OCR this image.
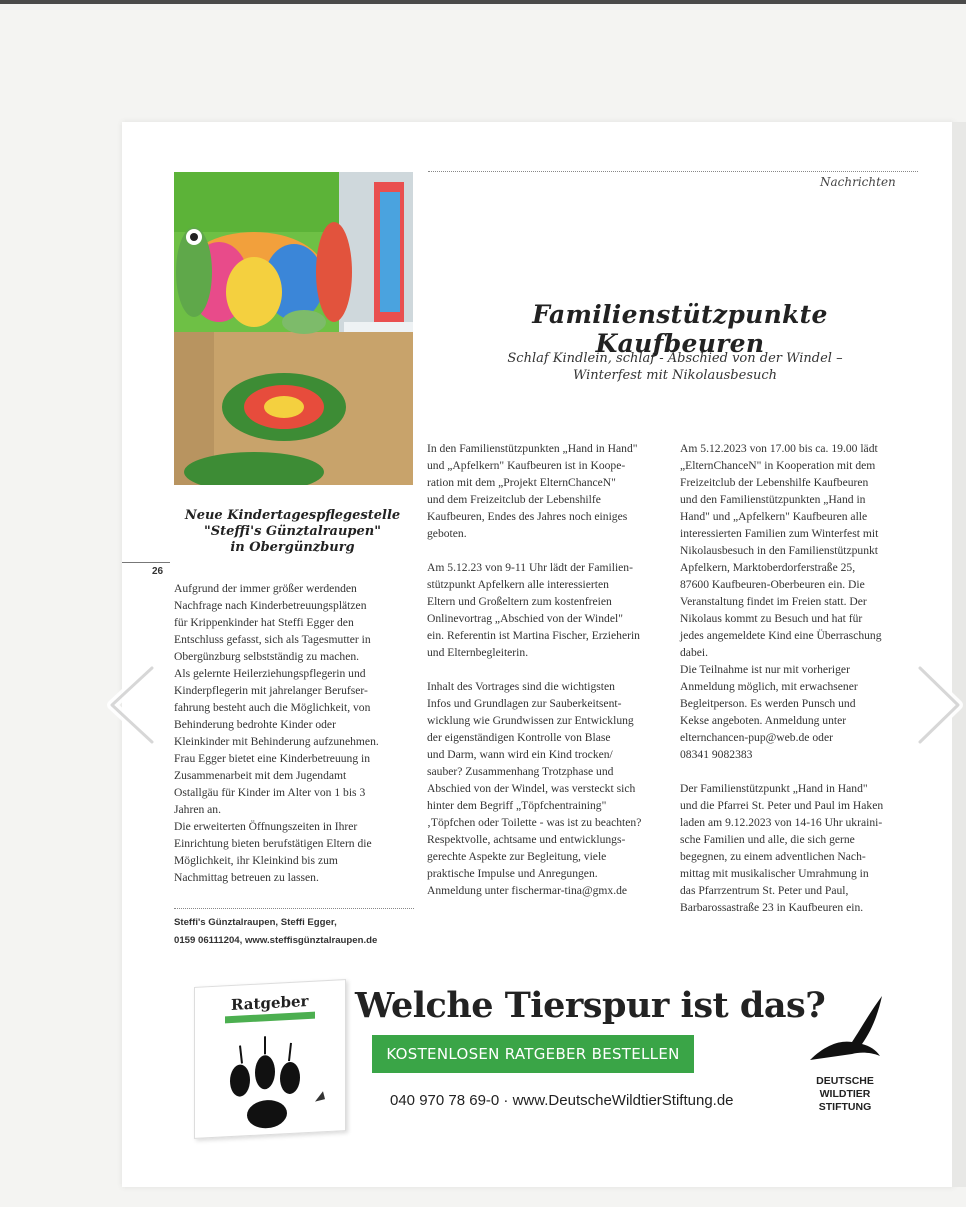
Neue Kindertagespflegestelle
"Steffi's Günztalraupen"
in Obergünzburg
26
Nachrichten
Familienstützpunkte Kaufbeuren
Schlaf Kindlein, schlaf - Abschied von der Windel –
Winterfest mit Nikolausbesuch

Aufgrund der immer größer werdenden
Nachfrage nach Kinderbetreuungsplätzen
für Krippenkinder hat Steffi Egger den
Entschluss gefasst, sich als Tagesmutter in
Obergünzburg selbstständig zu machen.
Als gelernte Heilerziehungspflegerin und
Kinderpflegerin mit jahrelanger Berufser-
fahrung besteht auch die Möglichkeit, von
Behinderung bedrohte Kinder oder
Kleinkinder mit Behinderung aufzunehmen.
Frau Egger bietet eine Kinderbetreuung in
Zusammenarbeit mit dem Jugendamt
Ostallgäu für Kinder im Alter von 1 bis 3
Jahren an.
Die erweiterten Öffnungszeiten in Ihrer
Einrichtung bieten berufstätigen Eltern die
Möglichkeit, ihr Kleinkind bis zum
Nachmittag betreuen zu lassen.

Steffi's Günztalraupen, Steffi Egger,
0159 06111204, www.steffisgünztalraupen.de

In den Familienstützpunkten „Hand in Hand"
und „Apfelkern" Kaufbeuren ist in Koope-
ration mit dem „Projekt ElternChanceN"
und dem Freizeitclub der Lebenshilfe
Kaufbeuren, Endes des Jahres noch einiges
geboten.

Am 5.12.23 von 9-11 Uhr lädt der Familien-
stützpunkt Apfelkern alle interessierten
Eltern und Großeltern zum kostenfreien
Onlinevortrag „Abschied von der Windel"
ein. Referentin ist Martina Fischer, Erzieherin
und Elternbegleiterin.

Inhalt des Vortrages sind die wichtigsten
Infos und Grundlagen zur Sauberkeitsent-
wicklung wie Grundwissen zur Entwicklung
der eigenständigen Kontrolle von Blase
und Darm, wann wird ein Kind trocken/
sauber? Zusammenhang Trotzphase und
Abschied von der Windel, was versteckt sich
hinter dem Begriff „Töpfchentraining"
‚Töpfchen oder Toilette - was ist zu beachten?
Respektvolle, achtsame und entwicklungs-
gerechte Aspekte zur Begleitung, viele
praktische Impulse und Anregungen.
Anmeldung unter fischermar-tina@gmx.de

Am 5.12.2023 von 17.00 bis ca. 19.00 lädt
„ElternChanceN" in Kooperation mit dem
Freizeitclub der Lebenshilfe Kaufbeuren
und den Familienstützpunkten „Hand in
Hand" und „Apfelkern" Kaufbeuren alle
interessierten Familien zum Winterfest mit
Nikolausbesuch in den Familienstützpunkt
Apfelkern, Marktoberdorferstraße 25,
87600 Kaufbeuren-Oberbeuren ein. Die
Veranstaltung findet im Freien statt. Der
Nikolaus kommt zu Besuch und hat für
jedes angemeldete Kind eine Überraschung
dabei.
Die Teilnahme ist nur mit vorheriger
Anmeldung möglich, mit erwachsener
Begleitperson. Es werden Punsch und
Kekse angeboten. Anmeldung unter
elternchancen-pup@web.de oder
08341 9082383

Der Familienstützpunkt „Hand in Hand"
und die Pfarrei St. Peter und Paul im Haken
laden am 9.12.2023 von 14-16 Uhr ukraini-
sche Familien und alle, die sich gerne
begegnen, zu einem adventlichen Nach-
mittag mit musikalischer Umrahmung in
das Pfarrzentrum St. Peter und Paul,
Barbarossastraße 23 in Kaufbeuren ein.

Ratgeber Welche Tierspur ist das?
KOSTENLOSEN RATGEBER BESTELLEN
040 970 78 69-0 · www.DeutscheWildtierStiftung.de
DEUTSCHE
WILDTIER
STIFTUNG
